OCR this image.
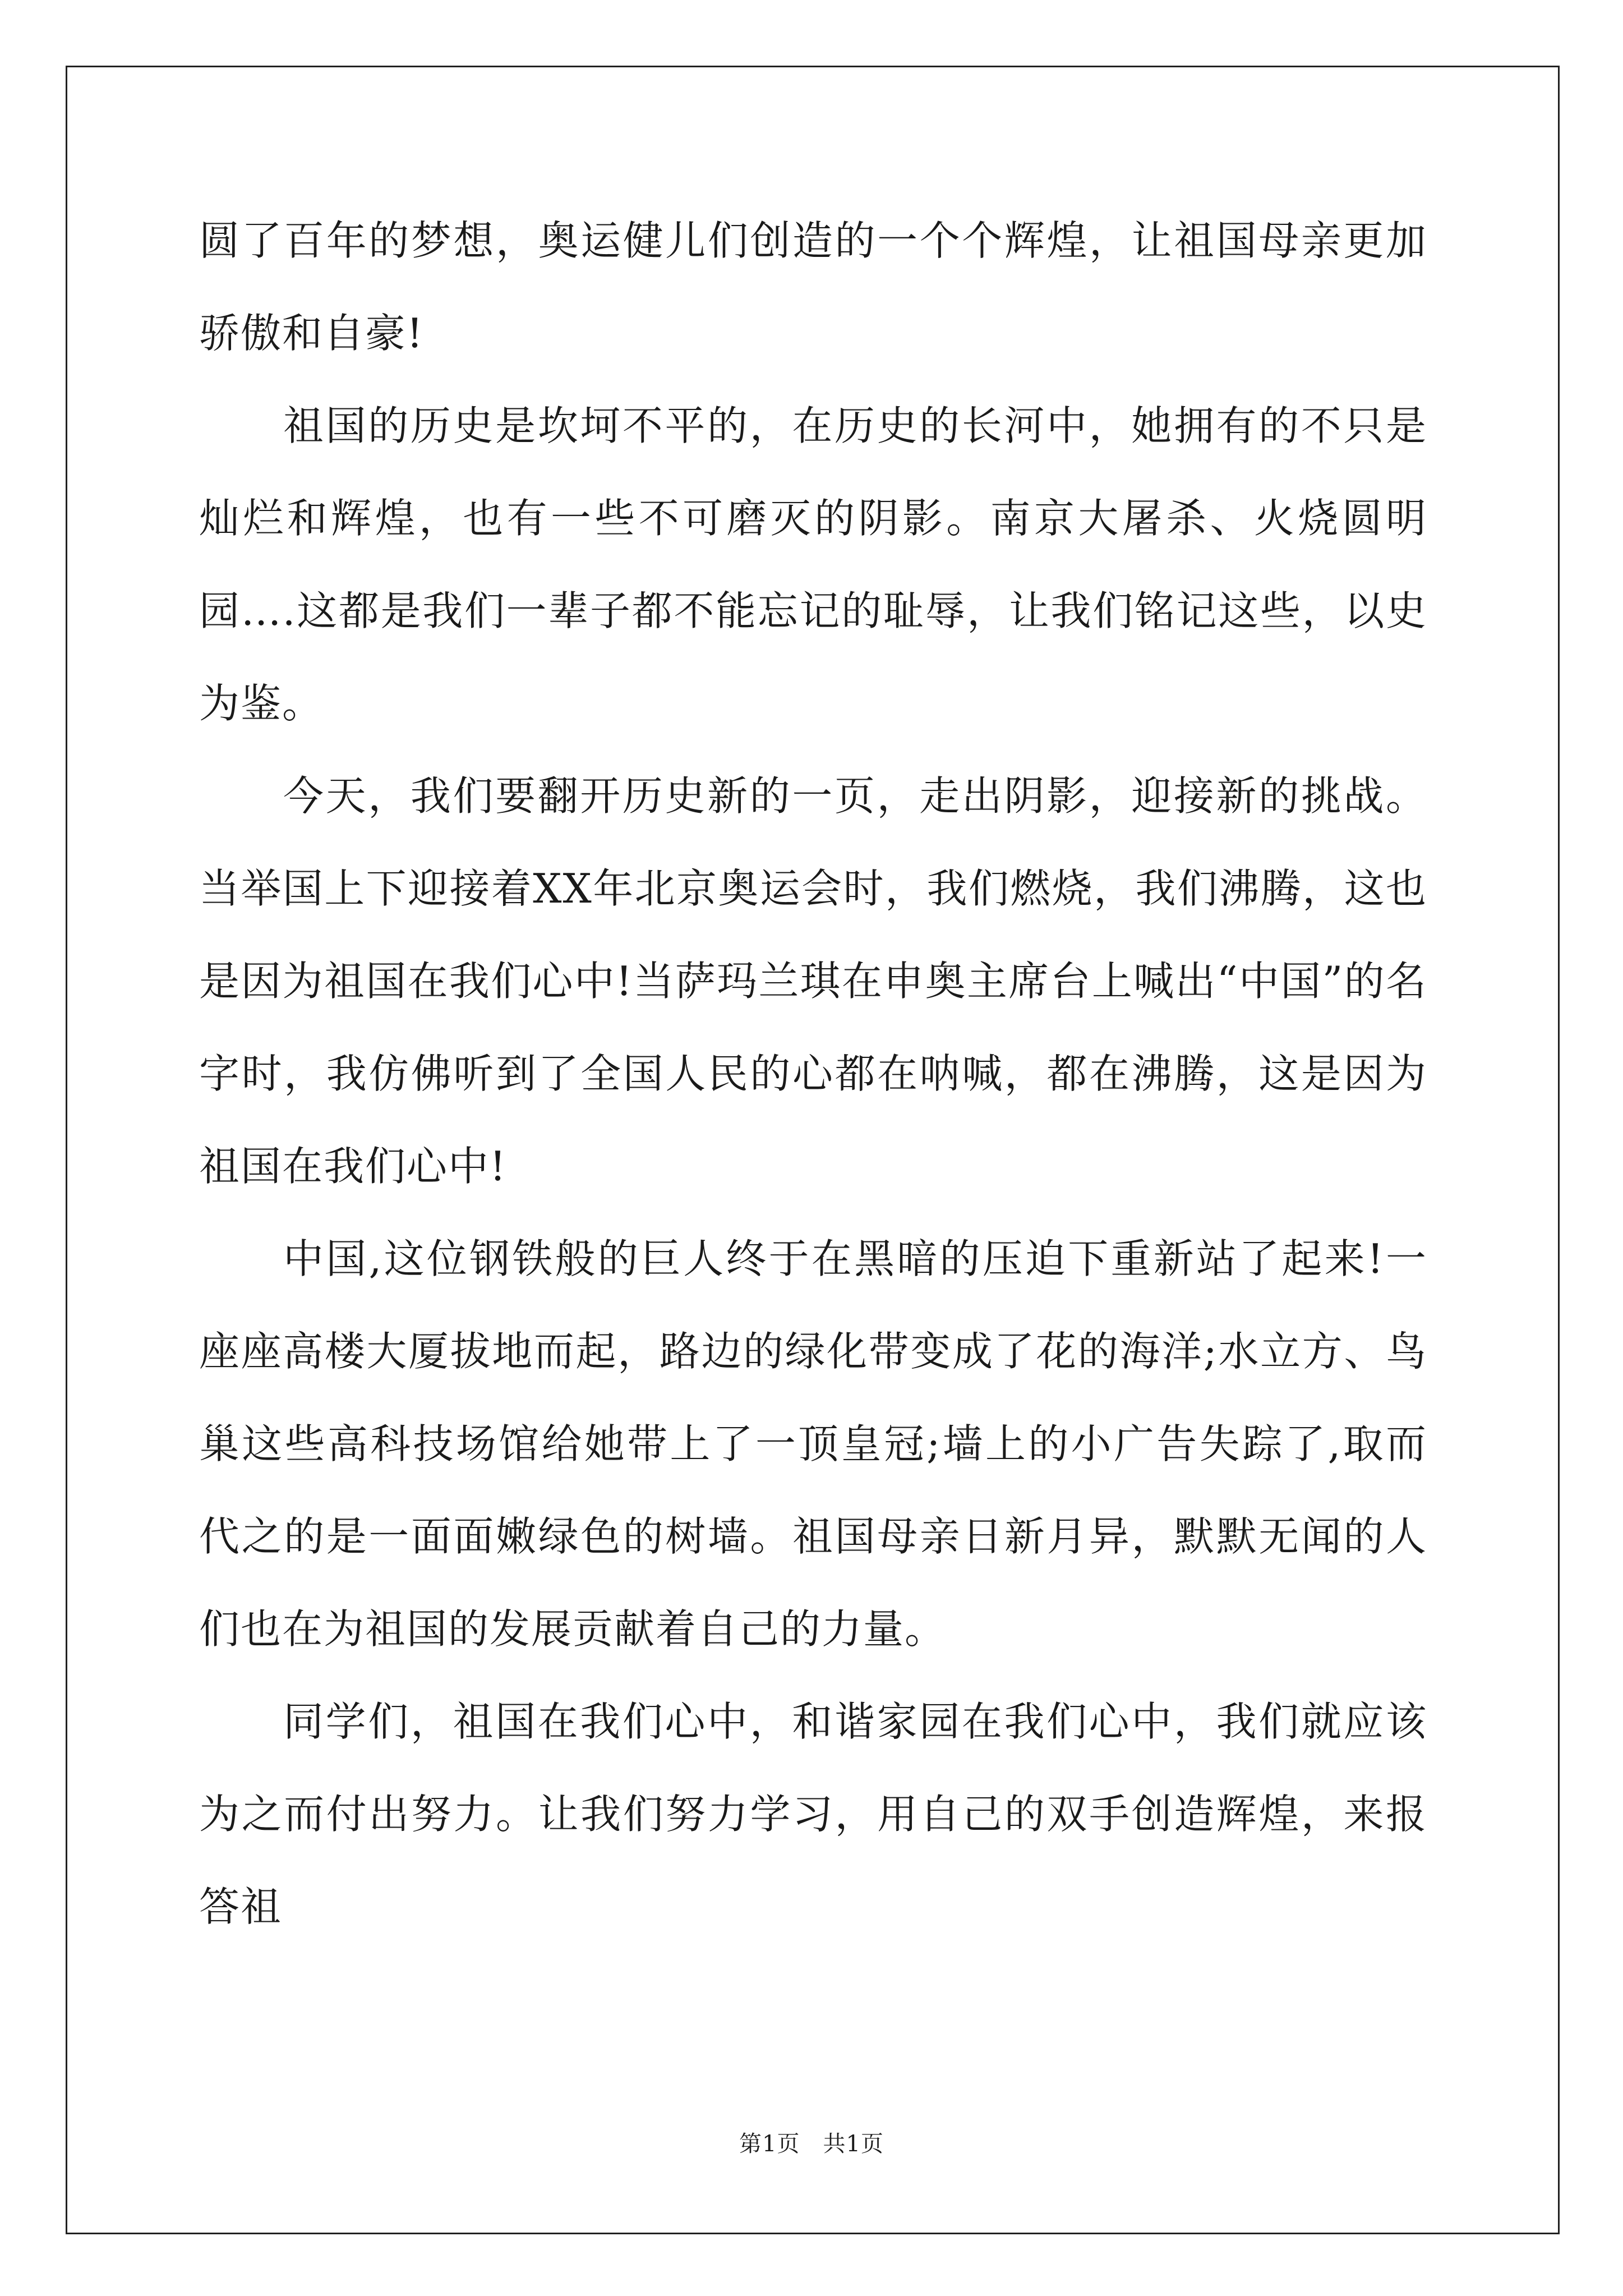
圆了百年的梦想，奥运健儿们创造的一个个辉煌，让祖国母亲更加骄傲和自豪!

祖国的历史是坎坷不平的，在历史的长河中，她拥有的不只是灿烂和辉煌，也有一些不可磨灭的阴影。南京大屠杀、火烧圆明园….这都是我们一辈子都不能忘记的耻辱，让我们铭记这些，以史为鉴。

今天，我们要翻开历史新的一页，走出阴影，迎接新的挑战。当举国上下迎接着XX年北京奥运会时，我们燃烧，我们沸腾，这也是因为祖国在我们心中!当萨玛兰琪在申奥主席台上喊出“中国”的名字时，我仿佛听到了全国人民的心都在呐喊，都在沸腾，这是因为祖国在我们心中!

中国,这位钢铁般的巨人终于在黑暗的压迫下重新站了起来!一座座高楼大厦拔地而起，路边的绿化带变成了花的海洋;水立方、鸟巢这些高科技场馆给她带上了一顶皇冠;墙上的小广告失踪了,取而代之的是一面面嫩绿色的树墙。祖国母亲日新月异，默默无闻的人们也在为祖国的发展贡献着自己的力量。

同学们，祖国在我们心中，和谐家园在我们心中，我们就应该为之而付出努力。让我们努力学习，用自己的双手创造辉煌，来报答祖

第1页　共1页
